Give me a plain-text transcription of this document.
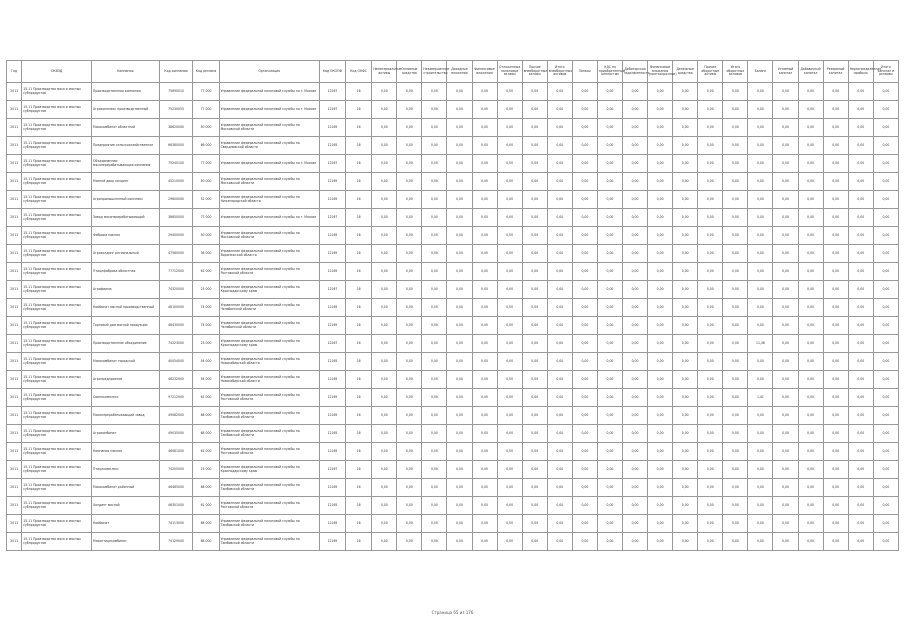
Год	ОКВЭД	Компания	Код компании	Код региона	Организация	Код ОКОПФ	Код ОКФС	Нематериальные активы	Основные средства	Незавершенное строительство	Доходные вложения	Финансовые вложения	Отложенные налоговые активы	Прочие внеоборотные активы	Итого внеоборотных активов	Запасы	НДС по приобретенным ценностям	Дебиторская задолженность	Финансовые вложения (краткосрочные)	Денежные средства	Прочие оборотные активы	Итого оборотных активов	Баланс	Уставный капитал	Добавочный капитал	Резервный капитал	Нераспределенная прибыль	Итого капитал и резервы
2011	15.11 Производство мяса и мясных субпродуктов	Производственная компания	75690010	77 000	Управление федеральной налоговой службы по г. Москве	12267	16	0,00	0,00	0,00	0,00	0,00	0,00	0,00	0,00	0,00	0,00	0,00	0,00	0,00	0,00	0,00	0,00	0,00	0,00	0,00	0,00	0,00
2011	15.11 Производство мяса и мясных субпродуктов	Агрокомплекс производственный	75230053	77 000	Управление федеральной налоговой службы по г. Москве	12267	16	0,00	0,00	0,00	0,00	0,00	0,00	0,00	0,00	0,00	0,00	0,00	0,00	0,00	0,00	0,00	0,00	0,00	0,00	0,00	0,00	0,00
2011	15.11 Производство мяса и мясных субпродуктов	Мясокомбинат областной	38620000	50 000	Управление федеральной налоговой службы по Московской области	12165	16	0,00	0,00	0,00	0,00	0,00	0,00	0,00	0,00	0,00	0,00	0,00	0,00	0,00	0,00	0,00	0,00	0,00	0,00	0,00	0,00	0,00
2011	15.11 Производство мяса и мясных субпродуктов	Предприятие сельскохозяйственное	66380000	66 000	Управление федеральной налоговой службы по Свердловской области	12165	16	0,00	0,00	0,00	0,00	0,00	0,00	0,00	0,00	0,00	0,00	0,00	0,00	0,00	0,00	0,00	0,00	0,00	0,00	0,00	0,00	0,00
2011	15.11 Производство мяса и мясных субпродуктов	Объединенная мясоперерабатывающая компания	75240100	77 000	Управление федеральной налоговой службы по г. Москве	12267	16	0,00	0,00	0,00	0,00	0,00	0,00	0,00	0,00	0,00	0,00	0,00	0,00	0,00	0,00	0,00	0,00	0,00	0,00	0,00	0,00	0,00
2011	15.11 Производство мяса и мясных субпродуктов	Мясной двор холдинг	45210000	50 000	Управление федеральной налоговой службы по Московской области	12165	16	0,00	0,00	0,00	0,00	0,00	0,00	0,00	0,00	0,00	0,00	0,00	0,00	0,00	0,00	0,00	0,00	0,00	0,00	0,00	0,00	0,00
2011	15.11 Производство мяса и мясных субпродуктов	Агропромышленный комплекс	29600000	52 000	Управление федеральной налоговой службы по Нижегородской области	12165	16	0,00	0,00	0,00	0,00	0,00	0,00	0,00	0,00	0,00	0,00	0,00	0,00	0,00	0,00	0,00	0,00	0,00	0,00	0,00	0,00	0,00
2011	15.11 Производство мяса и мясных субпродуктов	Завод мясоперерабатывающий	38650000	77 000	Управление федеральной налоговой службы по г. Москве	12267	16	0,00	0,00	0,00	0,00	0,00	0,00	0,00	0,00	0,00	0,00	0,00	0,00	0,00	0,00	0,00	0,00	0,00	0,00	0,00	0,00	0,00
2011	15.11 Производство мяса и мясных субпродуктов	Фабрика мясная	29450000	50 000	Управление федеральной налоговой службы по Московской области	12165	16	0,00	0,00	0,00	0,00	0,00	0,00	0,00	0,00	0,00	0,00	0,00	0,00	0,00	0,00	0,00	0,00	0,00	0,00	0,00	0,00	0,00
2011	15.11 Производство мяса и мясных субпродуктов	Агрохолдинг региональный	47580000	36 000	Управление федеральной налоговой службы по Воронежской области	12165	16	0,00	0,00	0,00	0,00	0,00	0,00	0,00	0,00	0,00	0,00	0,00	0,00	0,00	0,00	0,00	0,00	0,00	0,00	0,00	0,00	0,00
2011	15.11 Производство мяса и мясных субпродуктов	Птицефабрика областная	77712000	61 000	Управление федеральной налоговой службы по Ростовской области	12165	16	0,00	0,00	0,00	0,00	0,00	0,00	0,00	0,00	0,00	0,00	0,00	0,00	0,00	0,00	0,00	0,00	0,00	0,00	0,00	0,00	0,00
2011	15.11 Производство мяса и мясных субпродуктов	Агрофирма	74320000	23 000	Управление федеральной налоговой службы по Краснодарскому краю	12267	16	0,00	0,00	0,00	0,00	0,00	0,00	0,00	0,00	0,00	0,00	0,00	0,00	0,00	0,00	0,00	0,00	0,00	0,00	0,00	0,00	0,00
2011	15.11 Производство мяса и мясных субпродуктов	Комбинат мясной производственный	48100000	74 000	Управление федеральной налоговой службы по Челябинской области	12165	16	0,00	0,00	0,00	0,00	0,00	0,00	0,00	0,00	0,00	0,00	0,00	0,00	0,00	0,00	0,00	0,00	0,00	0,00	0,00	0,00	0,00
2011	15.11 Производство мяса и мясных субпродуктов	Торговый дом мясной продукции	48430000	74 000	Управление федеральной налоговой службы по Челябинской области	12165	16	0,00	0,00	0,00	0,00	0,00	0,00	0,00	0,00	0,00	0,00	0,00	0,00	0,00	0,00	0,00	0,00	0,00	0,00	0,00	0,00	0,00
2011	15.11 Производство мяса и мясных субпродуктов	Производственное объединение	74223000	23 000	Управление федеральной налоговой службы по Краснодарскому краю	12267	16	0,00	0,00	0,00	0,00	0,00	0,00	0,00	0,00	0,00	0,00	0,00	0,00	0,00	0,00	0,00	11,46	0,00	0,00	0,00	0,00	0,00
2011	15.11 Производство мяса и мясных субпродуктов	Мясокомбинат городской	40054000	54 000	Управление федеральной налоговой службы по Новосибирской области	12165	16	0,00	0,00	0,00	0,00	0,00	0,00	0,00	0,00	0,00	0,00	0,00	0,00	0,00	0,00	0,00	0,00	0,00	0,00	0,00	0,00	0,00
2011	15.11 Производство мяса и мясных субпродуктов	Агропредприятие	46232000	54 000	Управление федеральной налоговой службы по Новосибирской области	12165	16	0,00	0,00	0,00	0,00	0,00	0,00	0,00	0,00	0,00	0,00	0,00	0,00	0,00	0,00	0,00	0,00	0,00	0,00	0,00	0,00	0,00
2011	15.11 Производство мяса и мясных субпродуктов	Свинокомплекс	97212000	61 000	Управление федеральной налоговой службы по Ростовской области	12165	16	0,00	0,00	0,00	0,00	0,00	0,00	0,00	0,00	0,00	0,00	0,00	0,00	0,00	0,00	0,00	1,41	0,00	0,00	0,00	0,00	0,00
2011	15.11 Производство мяса и мясных субпродуктов	Мясоперерабатывающий завод	49082000	68 000	Управление федеральной налоговой службы по Тамбовской области	12165	16	0,00	0,00	0,00	0,00	0,00	0,00	0,00	0,00	0,00	0,00	0,00	0,00	0,00	0,00	0,00	0,00	0,00	0,00	0,00	0,00	0,00
2011	15.11 Производство мяса и мясных субпродуктов	Агрокомбинат	49035000	68 000	Управление федеральной налоговой службы по Тамбовской области	12165	16	0,00	0,00	0,00	0,00	0,00	0,00	0,00	0,00	0,00	0,00	0,00	0,00	0,00	0,00	0,00	0,00	0,00	0,00	0,00	0,00	0,00
2011	15.11 Производство мяса и мясных субпродуктов	Компания мясная	46081000	61 000	Управление федеральной налоговой службы по Ростовской области	12165	16	0,00	0,00	0,00	0,00	0,00	0,00	0,00	0,00	0,00	0,00	0,00	0,00	0,00	0,00	0,00	0,00	0,00	0,00	0,00	0,00	0,00
2011	15.11 Производство мяса и мясных субпродуктов	Птицекомплекс	74205000	23 000	Управление федеральной налоговой службы по Краснодарскому краю	12267	16	0,00	0,00	0,00	0,00	0,00	0,00	0,00	0,00	0,00	0,00	0,00	0,00	0,00	0,00	0,00	0,00	0,00	0,00	0,00	0,00	0,00
2011	15.11 Производство мяса и мясных субпродуктов	Мясокомбинат районный	46485000	68 000	Управление федеральной налоговой службы по Тамбовской области	12165	16	0,00	0,00	0,00	0,00	0,00	0,00	0,00	0,00	0,00	0,00	0,00	0,00	0,00	0,00	0,00	0,00	0,00	0,00	0,00	0,00	0,00
2011	15.11 Производство мяса и мясных субпродуктов	Холдинг мясной	46301000	61 000	Управление федеральной налоговой службы по Ростовской области	12165	16	0,00	0,00	0,00	0,00	0,00	0,00	0,00	0,00	0,00	0,00	0,00	0,00	0,00	0,00	0,00	0,00	0,00	0,00	0,00	0,00	0,00
2011	15.11 Производство мяса и мясных субпродуктов	Комбинат	74113000	68 000	Управление федеральной налоговой службы по Тамбовской области	12165	16	0,00	0,00	0,00	0,00	0,00	0,00	0,00	0,00	0,00	0,00	0,00	0,00	0,00	0,00	0,00	0,00	0,00	0,00	0,00	0,00	0,00
2011	15.11 Производство мяса и мясных субпродуктов	Мясоптицекомбинат	74129000	68 000	Управление федеральной налоговой службы по Тамбовской области	12165	16	0,00	0,00	0,00	0,00	0,00	0,00	0,00	0,00	0,00	0,00	0,00	0,00	0,00	0,00	0,00	0,00	0,00	0,00	0,00	0,00	0,00
Страница 65 из 176
